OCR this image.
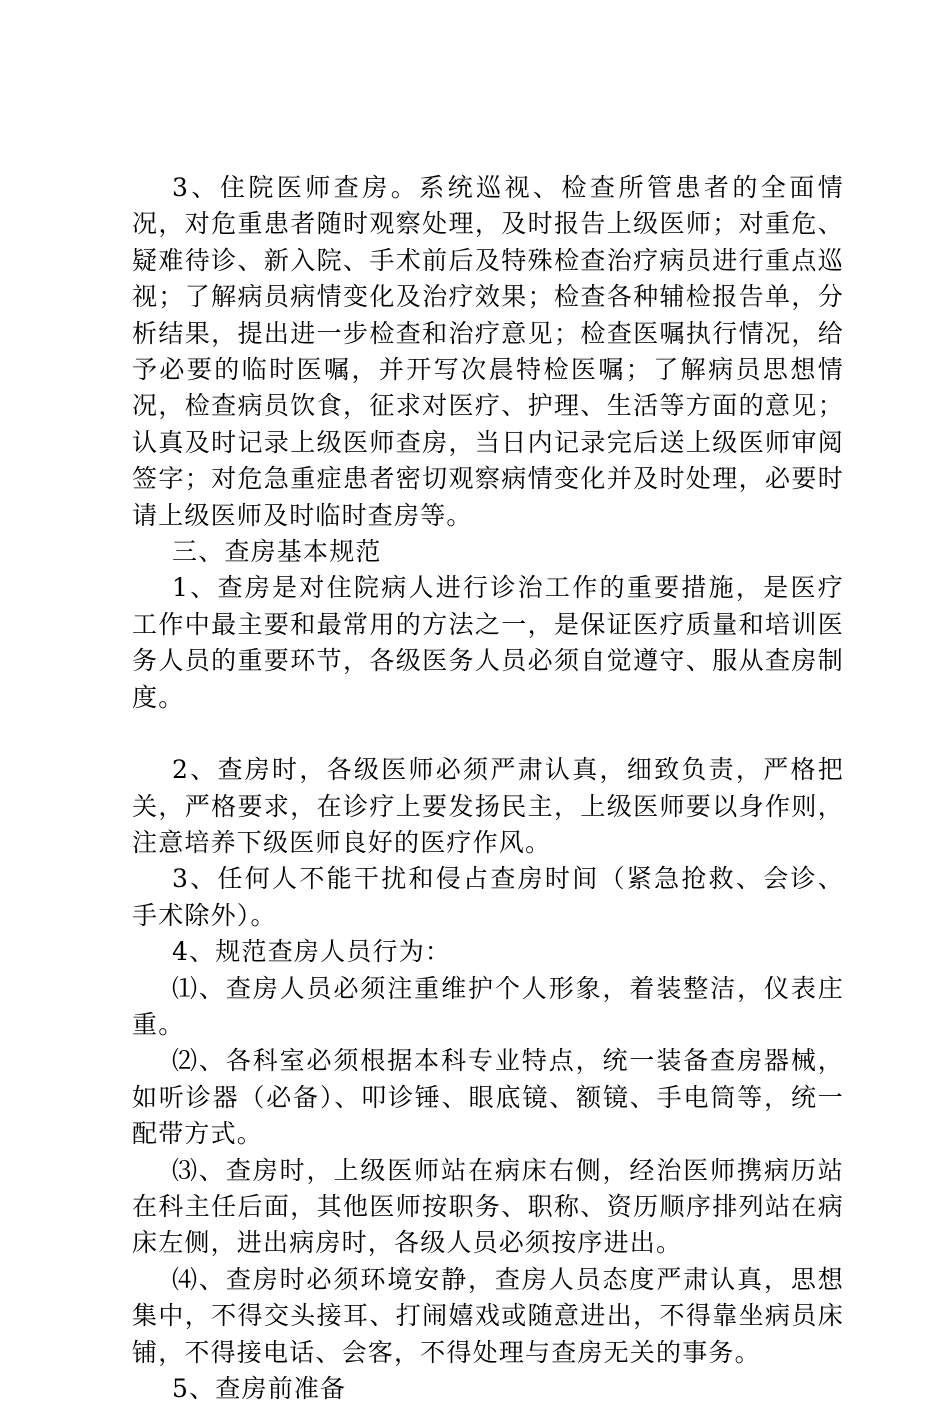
3、住院医师查房。系统巡视、检查所管患者的全面情况，对危重患者随时观察处理，及时报告上级医师；对重危、疑难待诊、新入院、手术前后及特殊检查治疗病员进行重点巡视；了解病员病情变化及治疗效果；检查各种辅检报告单，分析结果，提出进一步检查和治疗意见；检查医嘱执行情况，给予必要的临时医嘱，并开写次晨特检医嘱；了解病员思想情况，检查病员饮食，征求对医疗、护理、生活等方面的意见；认真及时记录上级医师查房，当日内记录完后送上级医师审阅签字；对危急重症患者密切观察病情变化并及时处理，必要时请上级医师及时临时查房等。

三、查房基本规范

1、查房是对住院病人进行诊治工作的重要措施，是医疗工作中最主要和最常用的方法之一，是保证医疗质量和培训医务人员的重要环节，各级医务人员必须自觉遵守、服从查房制度。

2、查房时，各级医师必须严肃认真，细致负责，严格把关，严格要求，在诊疗上要发扬民主，上级医师要以身作则，注意培养下级医师良好的医疗作风。

3、任何人不能干扰和侵占查房时间（紧急抢救、会诊、手术除外）。

4、规范查房人员行为：

⑴、查房人员必须注重维护个人形象，着装整洁，仪表庄重。

⑵、各科室必须根据本科专业特点，统一装备查房器械，如听诊器（必备）、叩诊锤、眼底镜、额镜、手电筒等，统一配带方式。

⑶、查房时，上级医师站在病床右侧，经治医师携病历站在科主任后面，其他医师按职务、职称、资历顺序排列站在病床左侧，进出病房时，各级人员必须按序进出。

⑷、查房时必须环境安静，查房人员态度严肃认真，思想集中，不得交头接耳、打闹嬉戏或随意进出，不得靠坐病员床铺，不得接电话、会客，不得处理与查房无关的事务。

5、查房前准备
